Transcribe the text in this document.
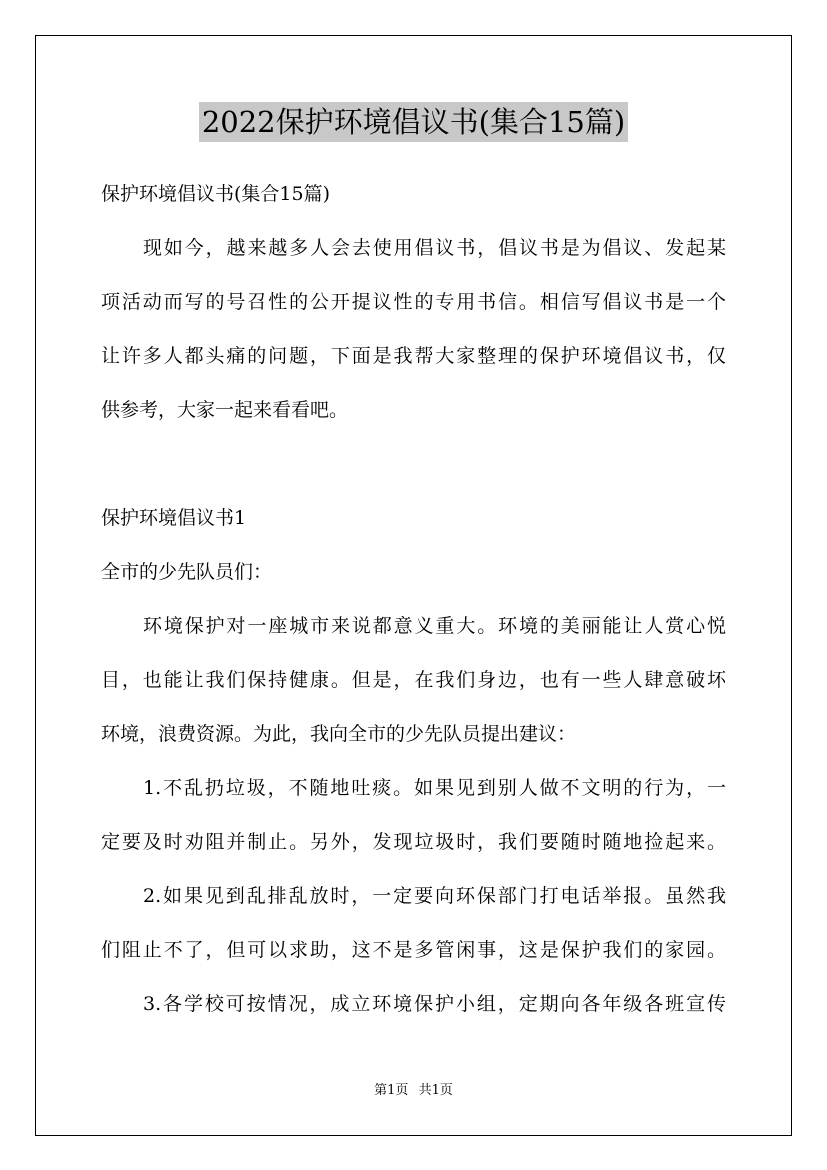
2022保护环境倡议书(集合15篇)
保护环境倡议书(集合15篇)
现如今，越来越多人会去使用倡议书，倡议书是为倡议、发起某
项活动而写的号召性的公开提议性的专用书信。相信写倡议书是一个
让许多人都头痛的问题，下面是我帮大家整理的保护环境倡议书，仅
供参考，大家一起来看看吧。
保护环境倡议书1
全市的少先队员们：
环境保护对一座城市来说都意义重大。环境的美丽能让人赏心悦
目，也能让我们保持健康。但是，在我们身边，也有一些人肆意破坏
环境，浪费资源。为此，我向全市的少先队员提出建议：
1.不乱扔垃圾，不随地吐痰。如果见到别人做不文明的行为，一
定要及时劝阻并制止。另外，发现垃圾时，我们要随时随地捡起来。
2.如果见到乱排乱放时，一定要向环保部门打电话举报。虽然我
们阻止不了，但可以求助，这不是多管闲事，这是保护我们的家园。
3.各学校可按情况，成立环境保护小组，定期向各年级各班宣传
第1页 共1页
